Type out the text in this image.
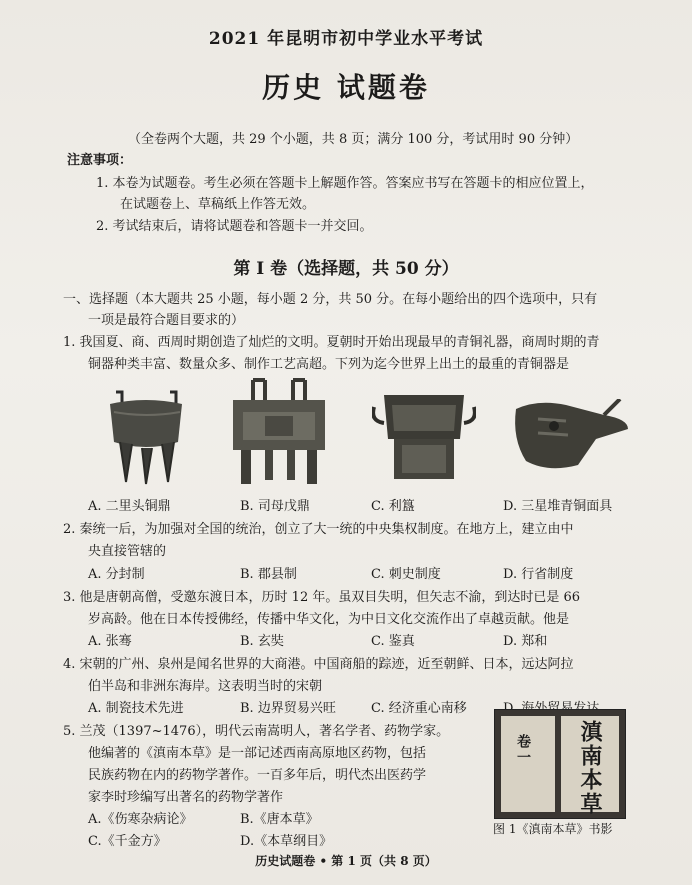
2021 年昆明市初中学业水平考试
历史 试题卷
（全卷两个大题，共 29 个小题，共 8 页；满分 100 分，考试用时 90 分钟）
注意事项：
1. 本卷为试题卷。考生必须在答题卡上解题作答。答案应书写在答题卡的相应位置上，
在试题卷上、草稿纸上作答无效。
2. 考试结束后，请将试题卷和答题卡一并交回。
第 I 卷（选择题，共 50 分）
一、选择题（本大题共 25 小题，每小题 2 分，共 50 分。在每小题给出的四个选项中，只有
一项是最符合题目要求的）
1. 我国夏、商、西周时期创造了灿烂的文明。夏朝时开始出现最早的青铜礼器，商周时期的青
铜器种类丰富、数量众多、制作工艺高超。下列为迄今世界上出土的最重的青铜器是
A. 二里头铜鼎	B. 司母戊鼎	C. 利簋	D. 三星堆青铜面具
2. 秦统一后，为加强对全国的统治，创立了大一统的中央集权制度。在地方上，建立由中
央直接管辖的
A. 分封制	B. 郡县制	C. 刺史制度	D. 行省制度
3. 他是唐朝高僧，受邀东渡日本，历时 12 年。虽双目失明，但矢志不渝，到达时已是 66
岁高龄。他在日本传授佛经，传播中华文化，为中日文化交流作出了卓越贡献。他是
A. 张骞	B. 玄奘	C. 鉴真	D. 郑和
4. 宋朝的广州、泉州是闻名世界的大商港。中国商船的踪迹，近至朝鲜、日本，远达阿拉
伯半岛和非洲东海岸。这表明当时的宋朝
A. 制瓷技术先进	B. 边界贸易兴旺	C. 经济重心南移
5. 兰茂（1397~1476），明代云南嵩明人，著名学者、药物学家。
他编著的《滇南本草》是一部记述西南高原地区药物，包括
民族药物在内的药物学著作。一百多年后，明代杰出医药学
家李时珍编写出著名的药物学著作
A.《伤寒杂病论》	B.《唐本草》
C.《千金方》	D.《本草纲目》
卷一 滇南本草
图 1《滇南本草》书影
历史试题卷 • 第 1 页（共 8 页）
